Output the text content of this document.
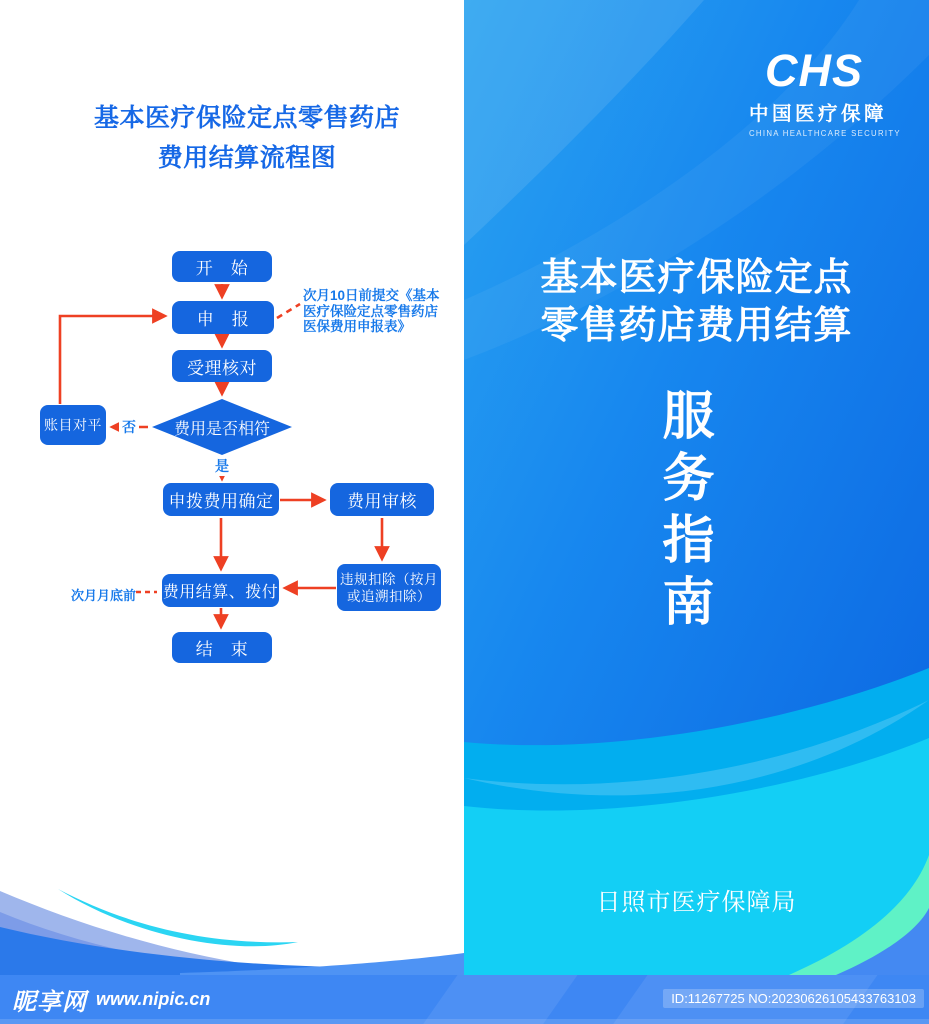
基本医疗保险定点零售药店
费用结算流程图
开　始
申　报
受理核对
费用是否相符
账目对平
申拨费用确定	费用审核
违规扣除（按月
或追溯扣除）
费用结算、拨付
结　束
否
是
次月10日前提交《基本
医疗保险定点零售药店
医保费用申报表》
次月月底前
CHS
中国医疗保障
CHINA HEALTHCARE SECURITY
基本医疗保险定点
零售药店费用结算
服
务
指
南
日照市医疗保障局
昵享网 www.nipic.cn	ID:11267725 NO:20230626105433763103
